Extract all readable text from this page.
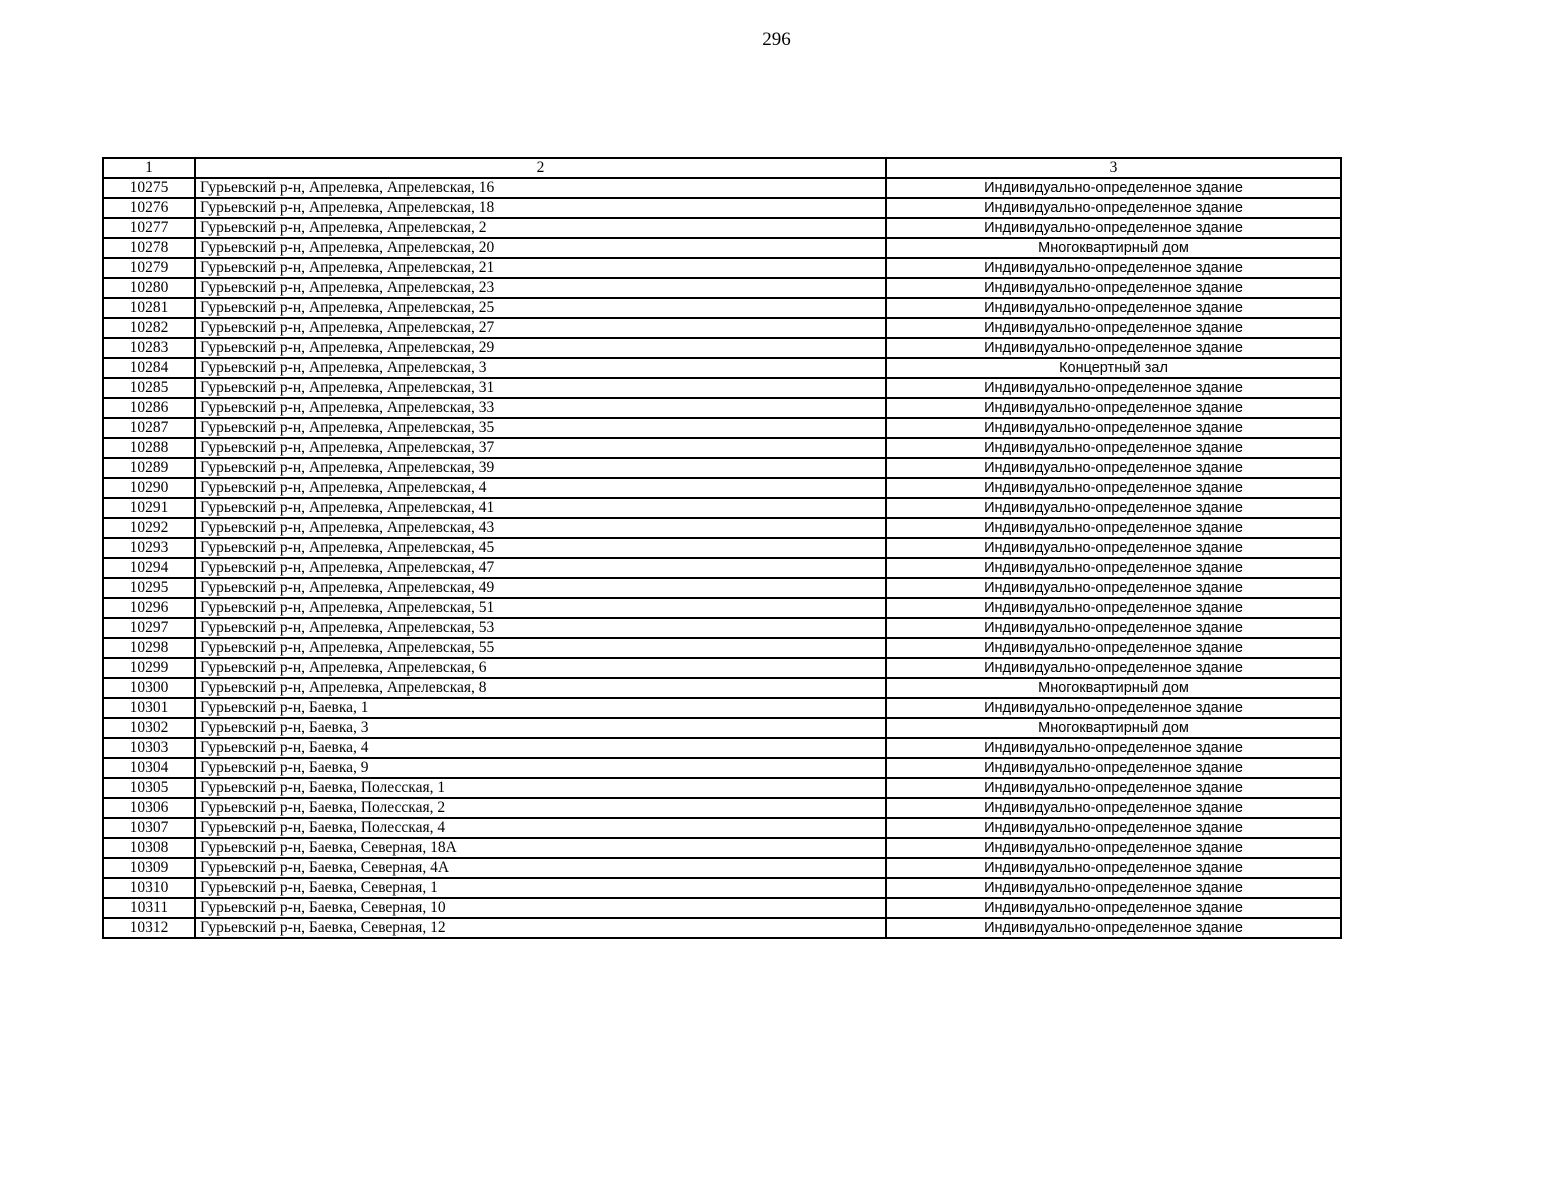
296
1	2	3
10275	Гурьевский р-н, Апрелевка, Апрелевская, 16	Индивидуально-определенное здание
10276	Гурьевский р-н, Апрелевка, Апрелевская, 18	Индивидуально-определенное здание
10277	Гурьевский р-н, Апрелевка, Апрелевская, 2	Индивидуально-определенное здание
10278	Гурьевский р-н, Апрелевка, Апрелевская, 20	Многоквартирный дом
10279	Гурьевский р-н, Апрелевка, Апрелевская, 21	Индивидуально-определенное здание
10280	Гурьевский р-н, Апрелевка, Апрелевская, 23	Индивидуально-определенное здание
10281	Гурьевский р-н, Апрелевка, Апрелевская, 25	Индивидуально-определенное здание
10282	Гурьевский р-н, Апрелевка, Апрелевская, 27	Индивидуально-определенное здание
10283	Гурьевский р-н, Апрелевка, Апрелевская, 29	Индивидуально-определенное здание
10284	Гурьевский р-н, Апрелевка, Апрелевская, 3	Концертный зал
10285	Гурьевский р-н, Апрелевка, Апрелевская, 31	Индивидуально-определенное здание
10286	Гурьевский р-н, Апрелевка, Апрелевская, 33	Индивидуально-определенное здание
10287	Гурьевский р-н, Апрелевка, Апрелевская, 35	Индивидуально-определенное здание
10288	Гурьевский р-н, Апрелевка, Апрелевская, 37	Индивидуально-определенное здание
10289	Гурьевский р-н, Апрелевка, Апрелевская, 39	Индивидуально-определенное здание
10290	Гурьевский р-н, Апрелевка, Апрелевская, 4	Индивидуально-определенное здание
10291	Гурьевский р-н, Апрелевка, Апрелевская, 41	Индивидуально-определенное здание
10292	Гурьевский р-н, Апрелевка, Апрелевская, 43	Индивидуально-определенное здание
10293	Гурьевский р-н, Апрелевка, Апрелевская, 45	Индивидуально-определенное здание
10294	Гурьевский р-н, Апрелевка, Апрелевская, 47	Индивидуально-определенное здание
10295	Гурьевский р-н, Апрелевка, Апрелевская, 49	Индивидуально-определенное здание
10296	Гурьевский р-н, Апрелевка, Апрелевская, 51	Индивидуально-определенное здание
10297	Гурьевский р-н, Апрелевка, Апрелевская, 53	Индивидуально-определенное здание
10298	Гурьевский р-н, Апрелевка, Апрелевская, 55	Индивидуально-определенное здание
10299	Гурьевский р-н, Апрелевка, Апрелевская, 6	Индивидуально-определенное здание
10300	Гурьевский р-н, Апрелевка, Апрелевская, 8	Многоквартирный дом
10301	Гурьевский р-н, Баевка, 1	Индивидуально-определенное здание
10302	Гурьевский р-н, Баевка, 3	Многоквартирный дом
10303	Гурьевский р-н, Баевка, 4	Индивидуально-определенное здание
10304	Гурьевский р-н, Баевка, 9	Индивидуально-определенное здание
10305	Гурьевский р-н, Баевка, Полесская, 1	Индивидуально-определенное здание
10306	Гурьевский р-н, Баевка, Полесская, 2	Индивидуально-определенное здание
10307	Гурьевский р-н, Баевка, Полесская, 4	Индивидуально-определенное здание
10308	Гурьевский р-н, Баевка, Северная, 18А	Индивидуально-определенное здание
10309	Гурьевский р-н, Баевка, Северная, 4А	Индивидуально-определенное здание
10310	Гурьевский р-н, Баевка, Северная, 1	Индивидуально-определенное здание
10311	Гурьевский р-н, Баевка, Северная, 10	Индивидуально-определенное здание
10312	Гурьевский р-н, Баевка, Северная, 12	Индивидуально-определенное здание
